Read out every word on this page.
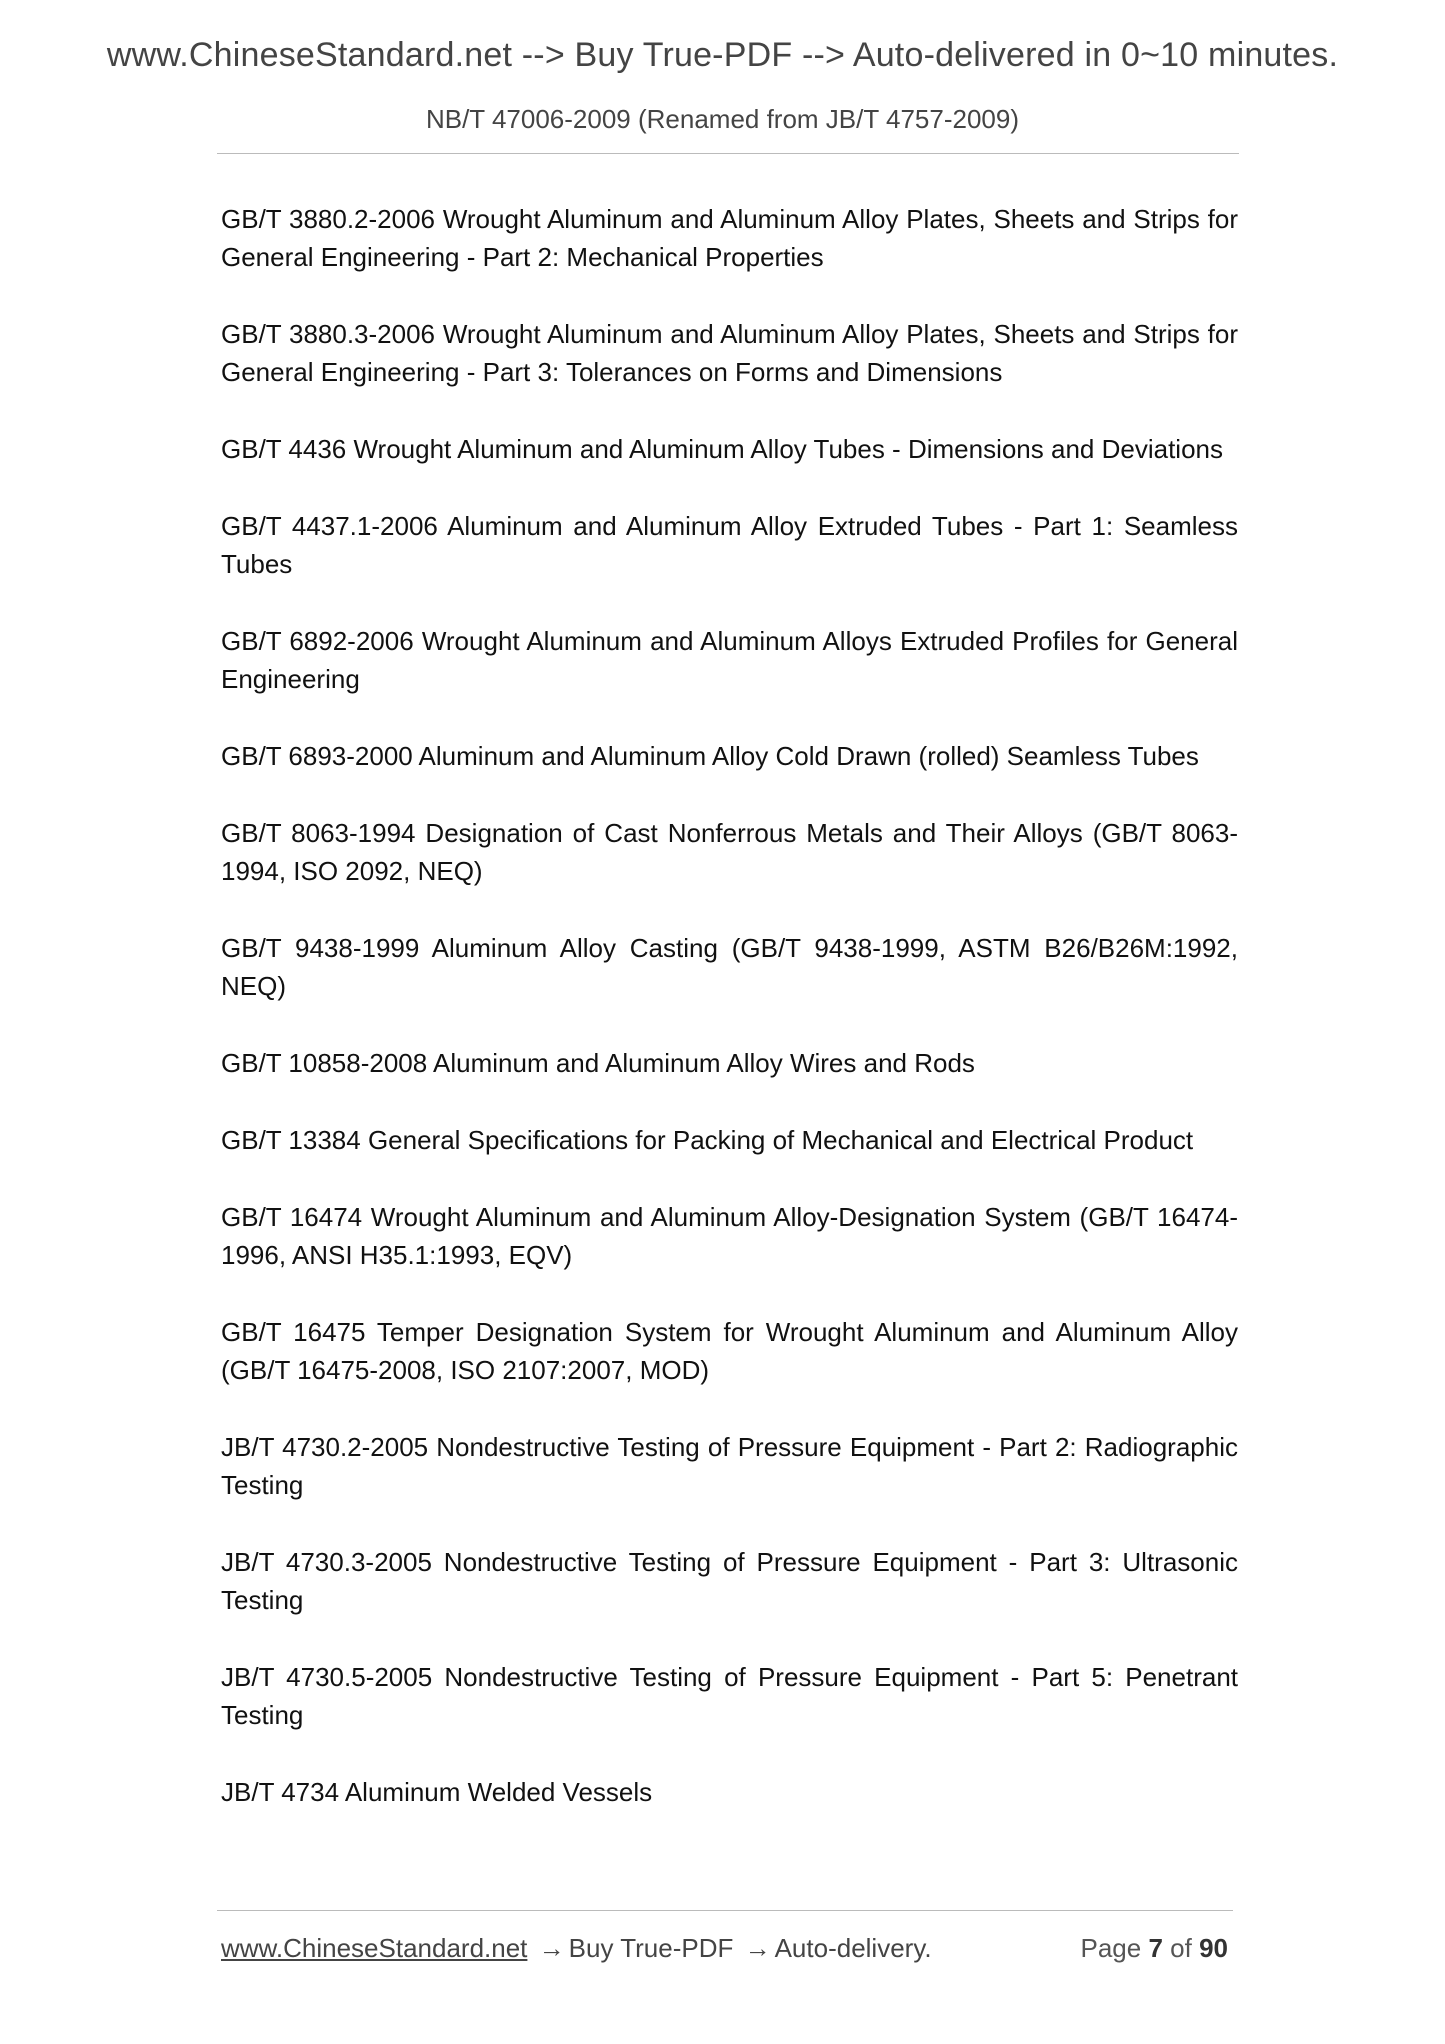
www.ChineseStandard.net --> Buy True-PDF --> Auto-delivered in 0~10 minutes.
NB/T 47006-2009 (Renamed from JB/T 4757-2009)
GB/T 3880.2-2006 Wrought Aluminum and Aluminum Alloy Plates, Sheets and Strips for General Engineering - Part 2: Mechanical Properties
GB/T 3880.3-2006 Wrought Aluminum and Aluminum Alloy Plates, Sheets and Strips for General Engineering - Part 3: Tolerances on Forms and Dimensions
GB/T 4436 Wrought Aluminum and Aluminum Alloy Tubes - Dimensions and Deviations
GB/T 4437.1-2006 Aluminum and Aluminum Alloy Extruded Tubes - Part 1: Seamless Tubes
GB/T 6892-2006 Wrought Aluminum and Aluminum Alloys Extruded Profiles for General Engineering
GB/T 6893-2000 Aluminum and Aluminum Alloy Cold Drawn (rolled) Seamless Tubes
GB/T 8063-1994 Designation of Cast Nonferrous Metals and Their Alloys (GB/T 8063-1994, ISO 2092, NEQ)
GB/T 9438-1999 Aluminum Alloy Casting (GB/T 9438-1999, ASTM B26/B26M:1992, NEQ)
GB/T 10858-2008 Aluminum and Aluminum Alloy Wires and Rods
GB/T 13384 General Specifications for Packing of Mechanical and Electrical Product
GB/T 16474 Wrought Aluminum and Aluminum Alloy-Designation System (GB/T 16474-1996, ANSI H35.1:1993, EQV)
GB/T 16475 Temper Designation System for Wrought Aluminum and Aluminum Alloy (GB/T 16475-2008, ISO 2107:2007, MOD)
JB/T 4730.2-2005 Nondestructive Testing of Pressure Equipment - Part 2: Radiographic Testing
JB/T 4730.3-2005 Nondestructive Testing of Pressure Equipment - Part 3: Ultrasonic Testing
JB/T 4730.5-2005 Nondestructive Testing of Pressure Equipment - Part 5: Penetrant Testing
JB/T 4734 Aluminum Welded Vessels
www.ChineseStandard.net → Buy True-PDF → Auto-delivery.	Page 7 of 90
